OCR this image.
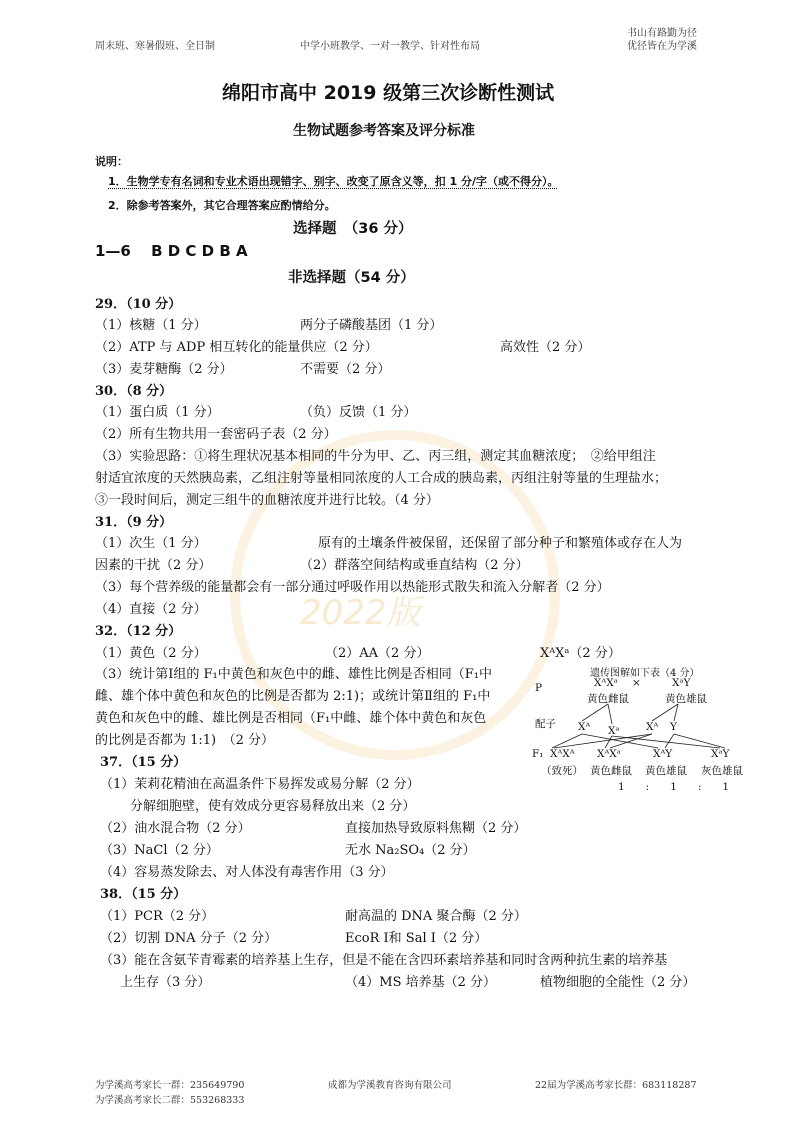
2022版
周末班、寒暑假班、全日制	中学小班教学、一对一教学、针对性布局
书山有路勤为径
优径皆在为学溪
绵阳市高中 2019 级第三次诊断性测试
生物试题参考答案及评分标准
说明：
1．生物学专有名词和专业术语出现错字、别字、改变了原含义等，扣 1 分/字（或不得分）。
2．除参考答案外，其它合理答案应酌情给分。
选择题　（36 分）
1—6　 B D C D B A
非选择题（54 分）
29．（10 分）
（1）核糖（1 分）	两分子磷酸基团（1 分）
（2）ATP 与 ADP 相互转化的能量供应（2 分）	高效性（2 分）
（3）麦芽糖酶（2 分）	不需要（2 分）
30．（8 分）
（1）蛋白质（1 分）	（负）反馈（1 分）
（2）所有生物共用一套密码子表（2 分）
（3）实验思路：①将生理状况基本相同的牛分为甲、乙、丙三组，测定其血糖浓度；　②给甲组注
射适宜浓度的天然胰岛素，乙组注射等量相同浓度的人工合成的胰岛素，丙组注射等量的生理盐水；
③一段时间后，测定三组牛的血糖浓度并进行比较。（4 分）
31．（9 分）
（1）次生（1 分）	原有的土壤条件被保留，还保留了部分种子和繁殖体或存在人为
因素的干扰（2 分）	（2）群落空间结构或垂直结构（2 分）
（3）每个营养级的能量都会有一部分通过呼吸作用以热能形式散失和流入分解者（2 分）
（4）直接（2 分）
32．（12 分）
（1）黄色（2 分）	（2）AA（2 分）	XᴬXᵃ（2 分）
（3）统计第Ⅰ组的 F₁中黄色和灰色中的雌、雄性比例是否相同（F₁中
雌、雄个体中黄色和灰色的比例是否都为 2:1)；或统计第Ⅱ组的 F₁中
黄色和灰色中的雌、雄比例是否相同（F₁中雌、雄个体中黄色和灰色
的比例是否都为 1:1)　（2 分）
遗传图解如下表（4 分）
P	XᴬXᵃ ×	XᵃY
黄色雌鼠	黄色雄鼠
配子 Xᴬ Xᵃ	Xᴬ Y
F₁ XᴬXᴬ XᴬXᵃ	XᴬY	XᵃY
（致死） 黄色雌鼠 黄色雄鼠 灰色雄鼠
1　　:　　1　　:　　1
37．（15 分）
（1）茉莉花精油在高温条件下易挥发或易分解（2 分）
分解细胞壁，使有效成分更容易释放出来（2 分）
（2）油水混合物（2 分）	直接加热导致原料焦糊（2 分）
（3）NaCl（2 分）	无水 Na₂SO₄（2 分）
（4）容易蒸发除去、对人体没有毒害作用（3 分）
38．（15 分）
（1）PCR（2 分）	耐高温的 DNA 聚合酶（2 分）
（2）切割 DNA 分子（2 分）	EcoR Ⅰ和 Sal Ⅰ（2 分）
（3）能在含氨苄青霉素的培养基上生存，但是不能在含四环素培养基和同时含两种抗生素的培养基
上生存（3 分）	（4）MS 培养基（2 分）	植物细胞的全能性（2 分）
为学溪高考家长一群：235649790
为学溪高考家长二群：553268333
成都为学溪教育咨询有限公司	22届为学溪高考家长群：683118287
